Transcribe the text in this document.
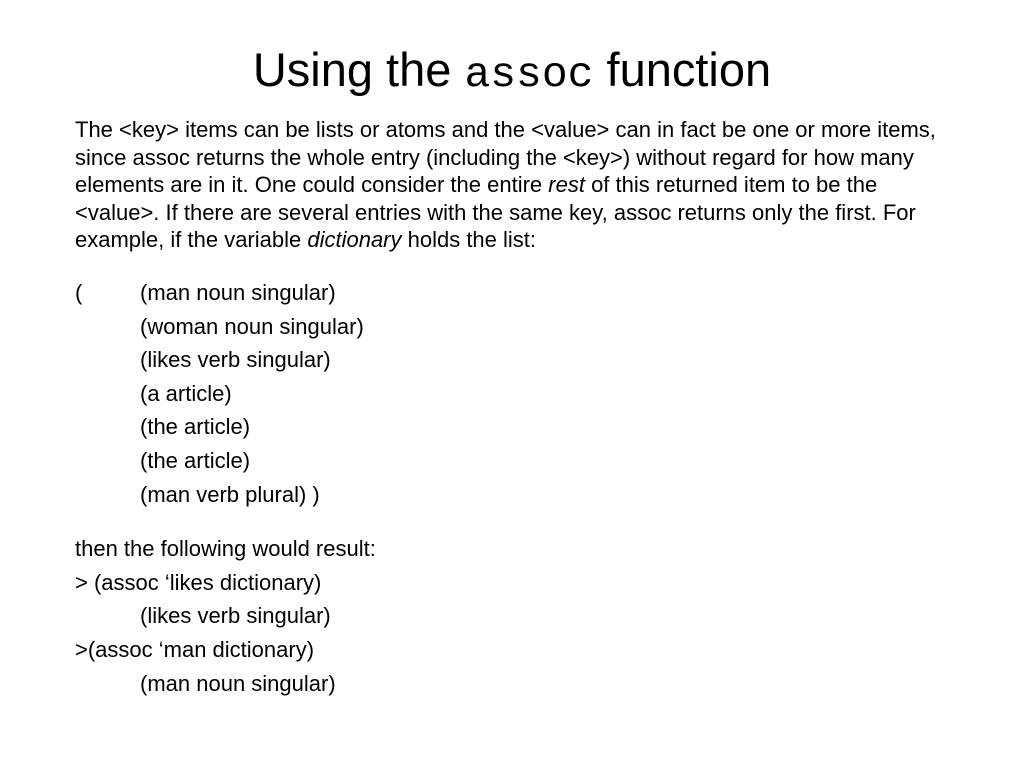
Using the assoc function

The <key> items can be lists or atoms and the <value> can in fact be one or more items, since assoc returns the whole entry (including the <key>) without regard for how many elements are in it. One could consider the entire rest of this returned item to be the <value>. If there are several entries with the same key, assoc returns only the first. For example, if the variable dictionary holds the list:

(	(man noun singular)
(woman noun singular)
(likes verb singular)
(a article)
(the article)
(the article)
(man verb plural) )
then the following would result:
> (assoc ‘likes dictionary)
(likes verb singular)
>(assoc ‘man dictionary)
(man noun singular)
